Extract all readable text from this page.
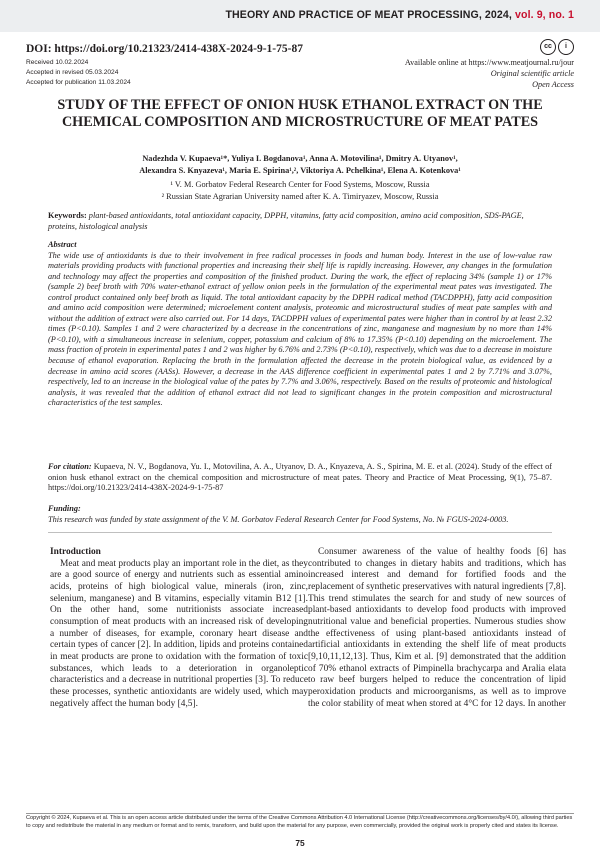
THEORY AND PRACTICE OF MEAT PROCESSING, 2024, vol. 9, no. 1
DOI: https://doi.org/10.21323/2414-438X-2024-9-1-75-87
Received 10.02.2024
Accepted in revised 05.03.2024
Accepted for publication 11.03.2024
cc	i
Available online at https://www.meatjournal.ru/jour
Original scientific article
Open Access
STUDY OF THE EFFECT OF ONION HUSK ETHANOL EXTRACT ON THE CHEMICAL COMPOSITION AND MICROSTRUCTURE OF MEAT PATES
Nadezhda V. Kupaeva¹*, Yuliya I. Bogdanova¹, Anna A. Motovilina¹, Dmitry A. Utyanov¹,
Alexandra S. Knyazeva¹, Maria E. Spirina¹,², Viktoriya A. Pchelkina¹, Elena A. Kotenkova¹
¹ V. M. Gorbatov Federal Research Center for Food Systems, Moscow, Russia
² Russian State Agrarian University named after K. A. Timiryazev, Moscow, Russia
Keywords: plant-based antioxidants, total antioxidant capacity, DPPH, vitamins, fatty acid composition, amino acid composition, SDS-PAGE, proteins, histological analysis
Abstract
The wide use of antioxidants is due to their involvement in free radical processes in foods and human body. Interest in the use of low-value raw materials providing products with functional properties and increasing their shelf life is rapidly increasing. However, any changes in the formulation and technology may affect the properties and composition of the finished product. During the work, the effect of replacing 34% (sample 1) or 17% (sample 2) beef broth with 70% water-ethanol extract of yellow onion peels in the formulation of the experimental meat pates was investigated. The control product contained only beef broth as liquid. The total antioxidant capacity by the DPPH radical method (TACDPPH), fatty acid composition and amino acid composition were determined; microelement content analysis, proteomic and microstructural studies of meat pate samples with and without the addition of extract were also carried out. For 14 days, TACDPPH values of experimental pates were higher than in control by at least 2.32 times (P<0.10). Samples 1 and 2 were characterized by a decrease in the concentrations of zinc, manganese and magnesium by no more than 14% (P<0.10), with a simultaneous increase in selenium, copper, potassium and calcium of 8% to 17.35% (P<0.10) depending on the microelement. The mass fraction of protein in experimental pates 1 and 2 was higher by 6.76% and 2.73% (P<0.10), respectively, which was due to a decrease in moisture because of ethanol evaporation. Replacing the broth in the formulation affected the decrease in the protein biological value, as evidenced by a decrease in amino acid scores (AASs). However, a decrease in the AAS difference coefficient in experimental pates 1 and 2 by 7.71% and 3.07%, respectively, led to an increase in the biological value of the pates by 7.7% and 3.06%, respectively. Based on the results of proteomic and histological analysis, it was revealed that the addition of ethanol extract did not lead to significant changes in the protein composition and microstructural characteristics of the test samples.
For citation: Kupaeva, N. V., Bogdanova, Yu. I., Motovilina, A. A., Utyanov, D. A., Knyazeva, A. S., Spirina, M. E. et al. (2024). Study of the effect of onion husk ethanol extract on the chemical composition and microstructure of meat pates. Theory and Practice of Meat Processing, 9(1), 75–87. https://doi.org/10.21323/2414-438X-2024-9-1-75-87
Funding:
This research was funded by state assignment of the V. M. Gorbatov Federal Research Center for Food Systems, No. № FGUS-2024-0003.
Introduction

Meat and meat products play an important role in the diet, as they are a good source of energy and nutrients such as essential amino acids, proteins of high biological value, minerals (iron, zinc, selenium, manganese) and B vitamins, especially vitamin B12 [1]. On the other hand, some nutritionists associate increased consumption of meat products with an increased risk of developing a number of diseases, for example, coronary heart disease and certain types of cancer [2]. In addition, lipids and proteins contained in meat products are prone to oxidation with the formation of toxic substances, which leads to a deterioration in organoleptic characteristics and a decrease in nutritional properties [3]. To reduce these processes, synthetic antioxidants are widely used, which may negatively affect the human body [4,5].

Consumer awareness of the value of healthy foods [6] has contributed to changes in dietary habits and traditions, which has increased interest and demand for fortified foods and the replacement of synthetic preservatives with natural ingredients [7,8]. This trend stimulates the search for and study of new sources of plant-based antioxidants to develop food products with improved nutritional value and beneficial properties. Numerous studies show the effectiveness of using plant-based antioxidants instead of artificial antioxidants in extending the shelf life of meat products [9,10,11,12,13]. Thus, Kim et al. [9] demonstrated that the addition of 70% ethanol extracts of Pimpinella brachycarpa and Aralia elata to raw beef burgers helped to reduce the concentration of lipid peroxidation products and microorganisms, as well as to improve the color stability of meat when stored at 4°C for 12 days. In another

Copyright © 2024, Kupaeva et al. This is an open access article distributed under the terms of the Creative Commons Attribution 4.0 International License (http://creativecommons.org/licenses/by/4.0/), allowing third parties to copy and redistribute the material in any medium or format and to remix, transform, and build upon the material for any purpose, even commercially, provided the original work is properly cited and states its license.
75
